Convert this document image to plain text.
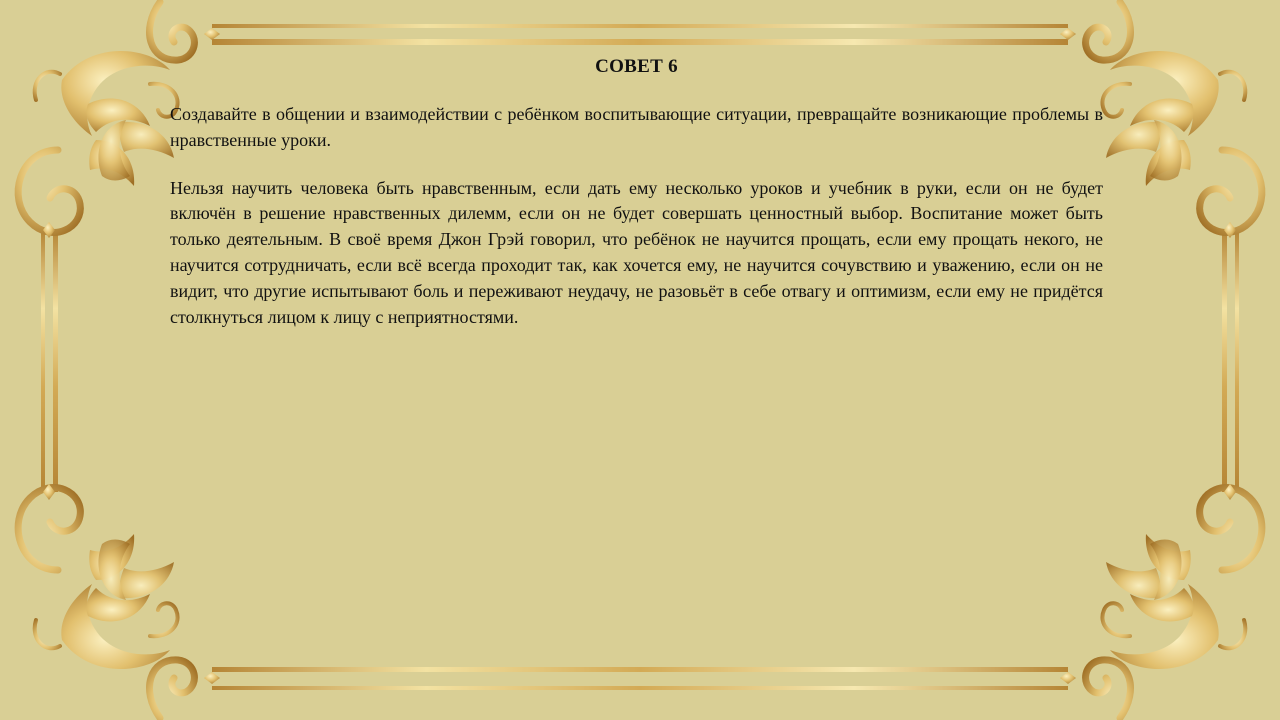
СОВЕТ 6

Создавайте в общении и взаимодействии с ребёнком воспитывающие ситуации, превращайте возникающие проблемы в нравственные уроки.

Нельзя научить человека быть нравственным, если дать ему несколько уроков и учебник в руки, если он не будет включён в решение нравственных дилемм, если он не будет совершать ценностный выбор. Воспитание может быть только деятельным. В своё время Джон Грэй говорил, что ребёнок не научится прощать, если ему прощать некого, не научится сотрудничать, если всё всегда проходит так, как хочется ему, не научится сочувствию и уважению, если он не видит, что другие испытывают боль и переживают неудачу, не разовьёт в себе отвагу и оптимизм, если ему не придётся столкнуться лицом к лицу с неприятностями.
